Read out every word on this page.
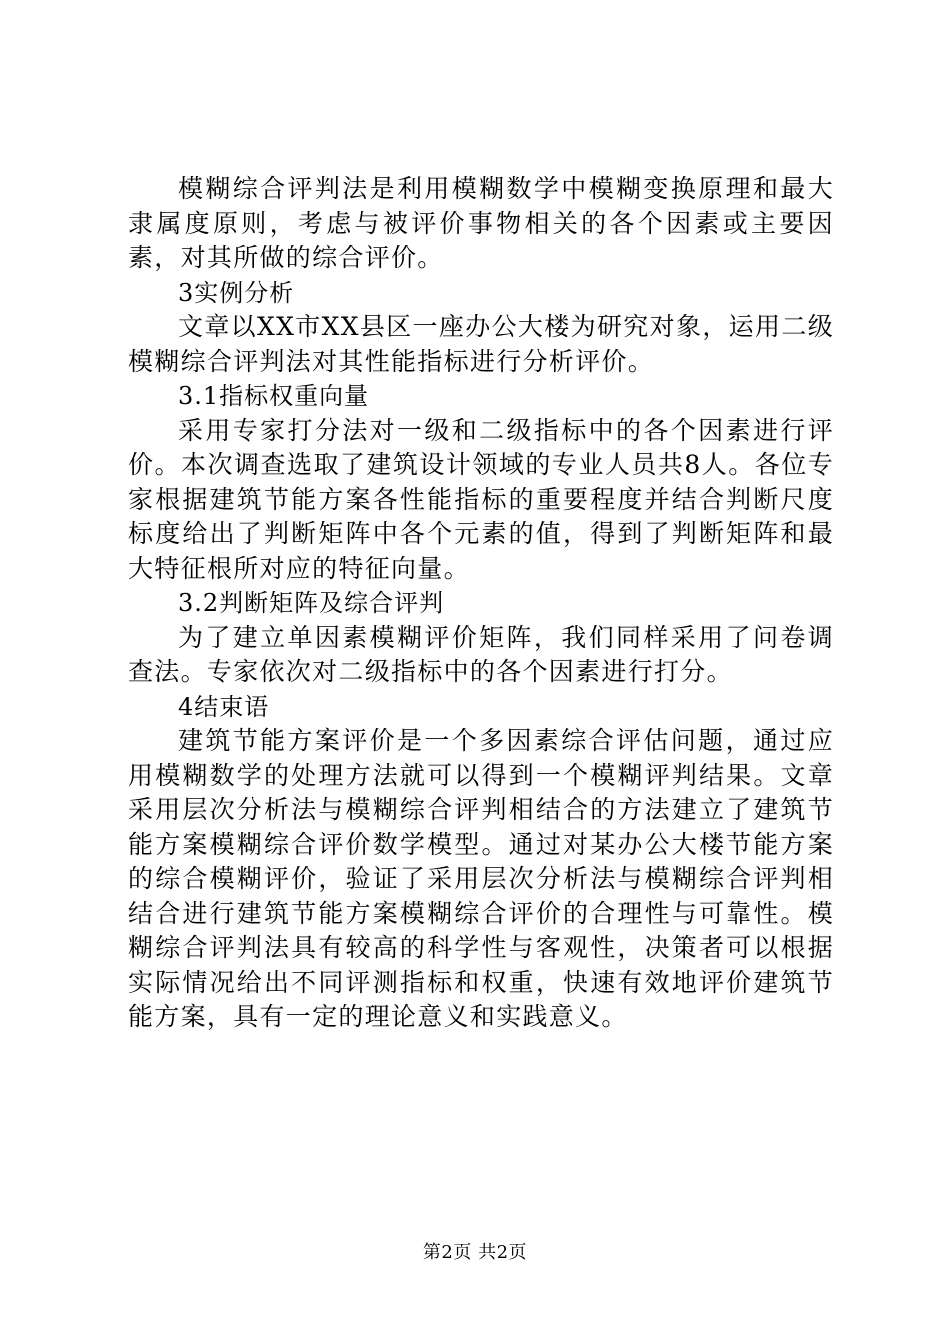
模糊综合评判法是利用模糊数学中模糊变换原理和最大隶属度原则，考虑与被评价事物相关的各个因素或主要因素，对其所做的综合评价。

3实例分析

文章以XX市XX县区一座办公大楼为研究对象，运用二级模糊综合评判法对其性能指标进行分析评价。

3.1指标权重向量

采用专家打分法对一级和二级指标中的各个因素进行评价。本次调查选取了建筑设计领域的专业人员共8人。各位专家根据建筑节能方案各性能指标的重要程度并结合判断尺度标度给出了判断矩阵中各个元素的值，得到了判断矩阵和最大特征根所对应的特征向量。

3.2判断矩阵及综合评判

为了建立单因素模糊评价矩阵，我们同样采用了问卷调查法。专家依次对二级指标中的各个因素进行打分。

4结束语

建筑节能方案评价是一个多因素综合评估问题，通过应用模糊数学的处理方法就可以得到一个模糊评判结果。文章采用层次分析法与模糊综合评判相结合的方法建立了建筑节能方案模糊综合评价数学模型。通过对某办公大楼节能方案的综合模糊评价，验证了采用层次分析法与模糊综合评判相结合进行建筑节能方案模糊综合评价的合理性与可靠性。模糊综合评判法具有较高的科学性与客观性，决策者可以根据实际情况给出不同评测指标和权重，快速有效地评价建筑节能方案，具有一定的理论意义和实践意义。

第2页 共2页
